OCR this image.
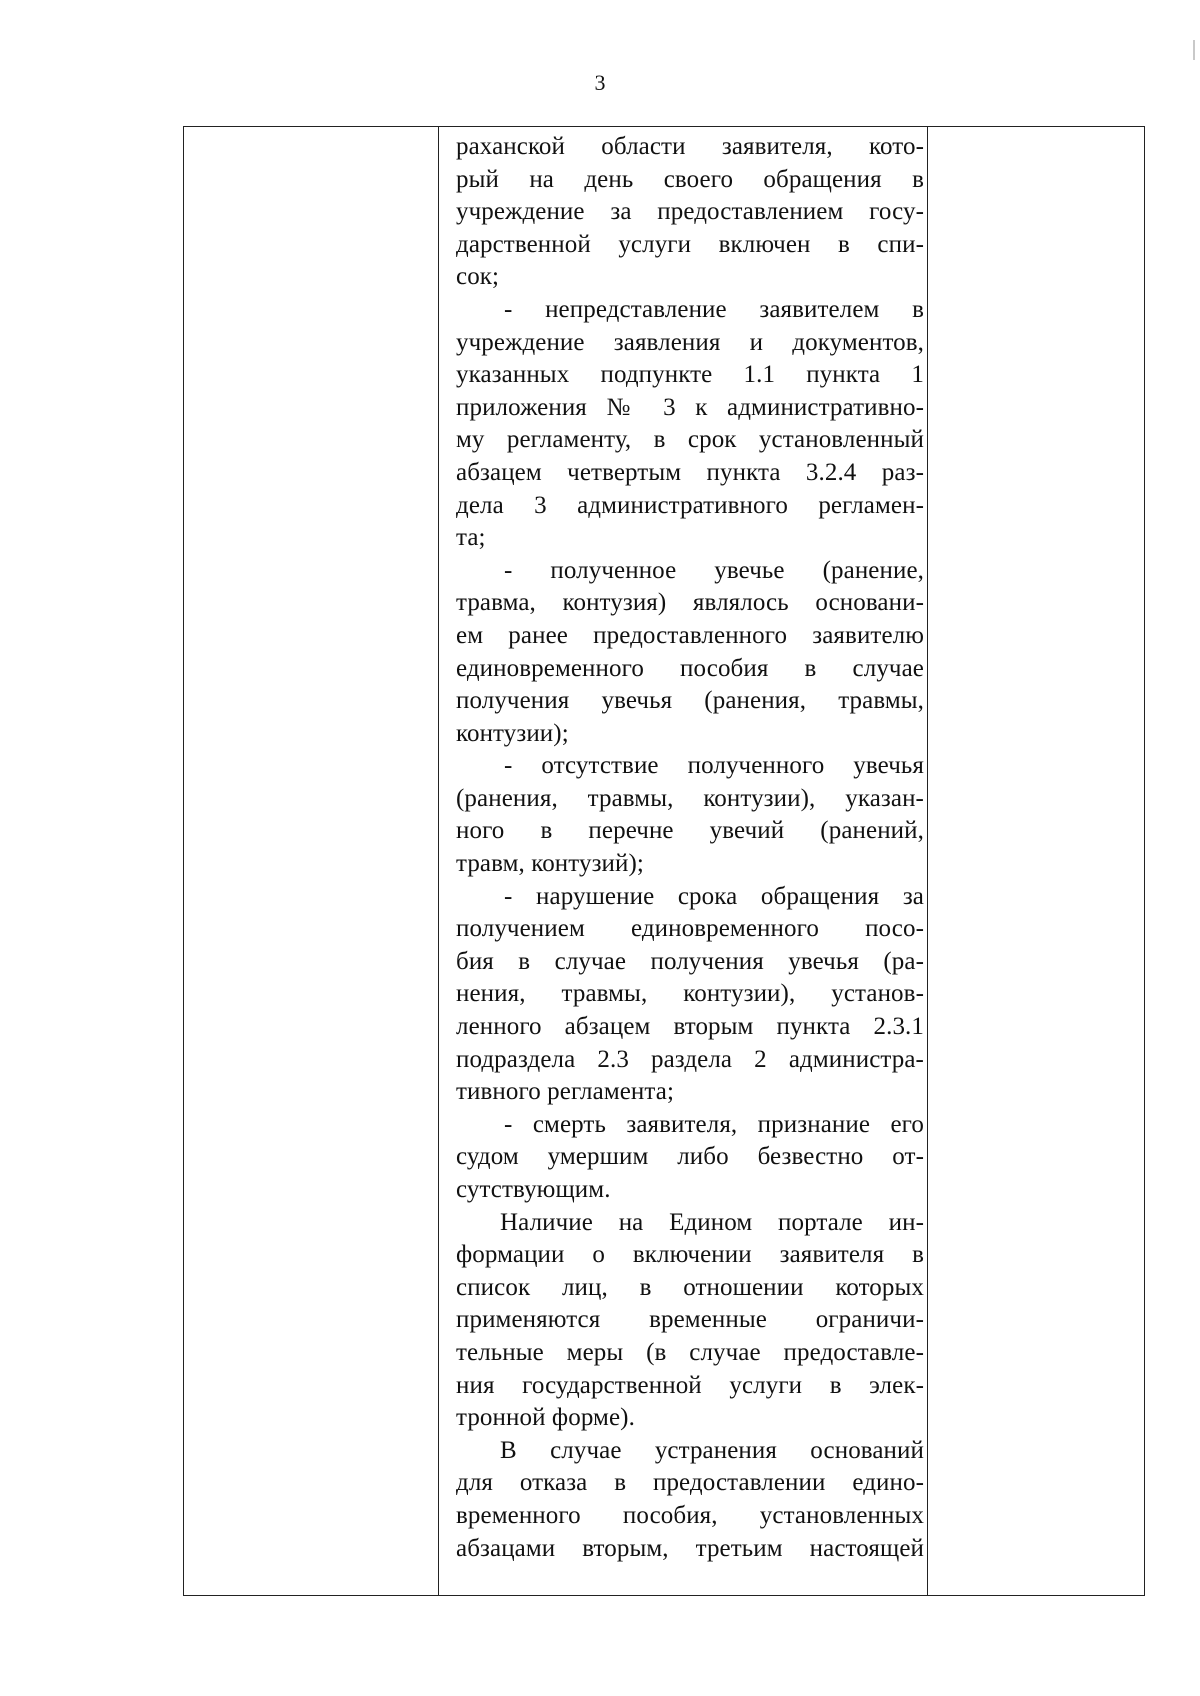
3
раханской области заявителя, кото-
рый на день своего обращения в
учреждение за предоставлением госу-
дарственной услуги включен в спи-
сок;
- непредставление заявителем в
учреждение заявления и документов,
указанных подпункте 1.1 пункта 1
приложения № 3 к административно-
му регламенту, в срок установленный
абзацем четвертым пункта 3.2.4 раз-
дела 3 административного регламен-
та;
- полученное увечье (ранение,
травма, контузия) являлось основани-
ем ранее предоставленного заявителю
единовременного пособия в случае
получения увечья (ранения, травмы,
контузии);
- отсутствие полученного увечья
(ранения, травмы, контузии), указан-
ного в перечне увечий (ранений,
травм, контузий);
- нарушение срока обращения за
получением единовременного посо-
бия в случае получения увечья (ра-
нения, травмы, контузии), установ-
ленного абзацем вторым пункта 2.3.1
подраздела 2.3 раздела 2 администра-
тивного регламента;
- смерть заявителя, признание его
судом умершим либо безвестно от-
сутствующим.
Наличие на Едином портале ин-
формации о включении заявителя в
список лиц, в отношении которых
применяются временные ограничи-
тельные меры (в случае предоставле-
ния государственной услуги в элек-
тронной форме).
В случае устранения оснований
для отказа в предоставлении едино-
временного пособия, установленных
абзацами вторым, третьим настоящей
